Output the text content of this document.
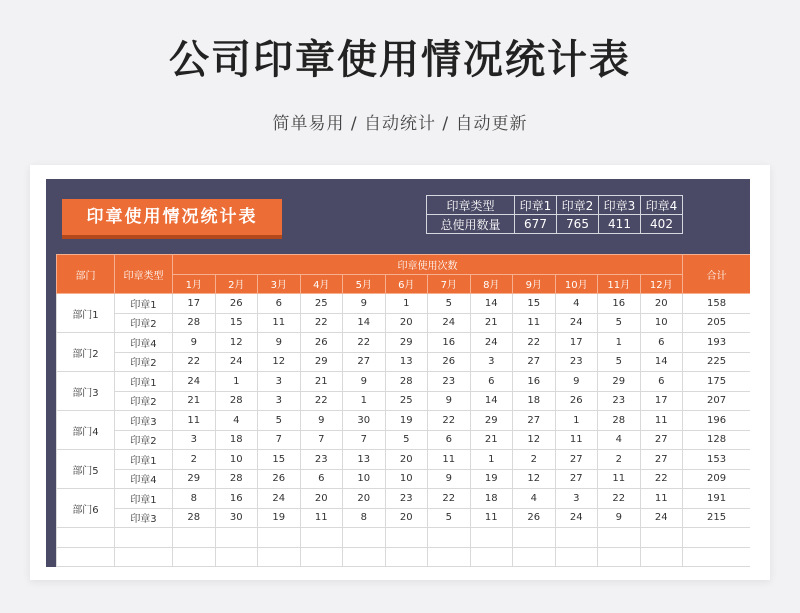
公司印章使用情况统计表
简单易用 / 自动统计 / 自动更新
印章使用情况统计表
印章类型	印章1	印章2	印章3	印章4
总使用数量	677	765	411	402
部门	印章类型	印章使用次数												合计
		1月	2月	3月	4月	5月	6月	7月	8月	9月	10月	11月	12月	
部门1	印章1	17	26	6	25	9	1	5	14	15	4	16	20	158
	印章2	28	15	11	22	14	20	24	21	11	24	5	10	205
部门2	印章4	9	12	9	26	22	29	16	24	22	17	1	6	193
	印章2	22	24	12	29	27	13	26	3	27	23	5	14	225
部门3	印章1	24	1	3	21	9	28	23	6	16	9	29	6	175
	印章2	21	28	3	22	1	25	9	14	18	26	23	17	207
部门4	印章3	11	4	5	9	30	19	22	29	27	1	28	11	196
	印章2	3	18	7	7	7	5	6	21	12	11	4	27	128
部门5	印章1	2	10	15	23	13	20	11	1	2	27	2	27	153
	印章4	29	28	26	6	10	10	9	19	12	27	11	22	209
部门6	印章1	8	16	24	20	20	23	22	18	4	3	22	11	191
	印章3	28	30	19	11	8	20	5	11	26	24	9	24	215
